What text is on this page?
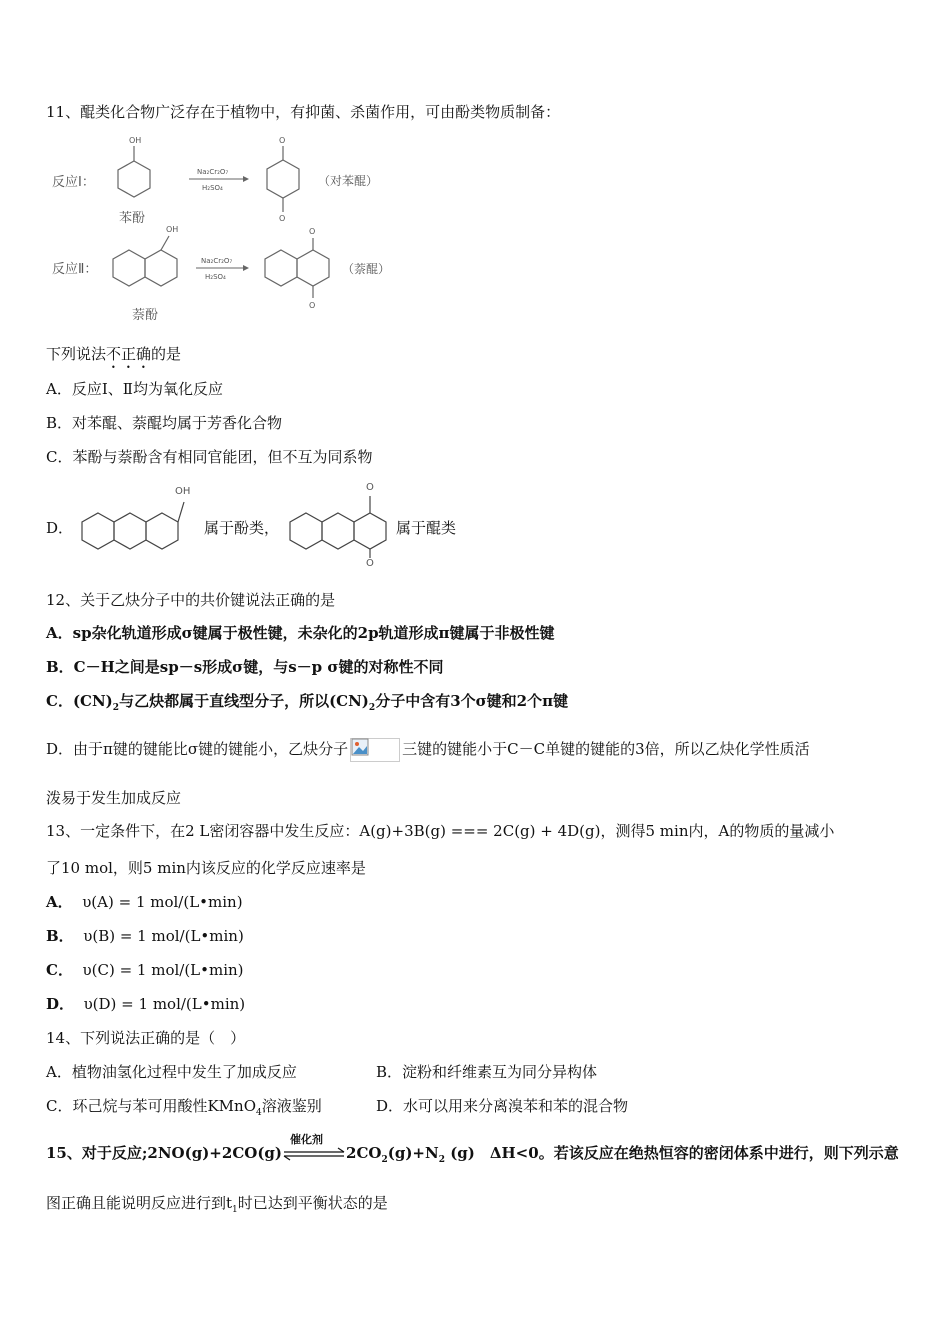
11、醌类化合物广泛存在于植物中，有抑菌、杀菌作用，可由酚类物质制备：
反应Ⅰ：
OH
苯酚
Na₂Cr₂O₇
H₂SO₄
O
O
（对苯醌）
反应Ⅱ：
OH
萘酚
Na₂Cr₂O₇
H₂SO₄
O
O
（萘醌）
下列说法不正确的是
A．反应Ⅰ、Ⅱ均为氧化反应
B．对苯醌、萘醌均属于芳香化合物
C．苯酚与萘酚含有相同官能团，但不互为同系物
D．
OH
属于酚类，
O
O
属于醌类
12、关于乙炔分子中的共价键说法正确的是
A．sp杂化轨道形成σ键属于极性键，未杂化的2p轨道形成π键属于非极性键
B．C－H之间是sp－s形成σ键，与s－p σ键的对称性不同
C．$(CN)_2$与乙炔都属于直线型分子，所以$(CN)_2$分子中含有3个σ键和2个π键
D．由于π键的键能比σ键的键能小，乙炔分子	三键的键能小于C－C单键的键能的3倍，所以乙炔化学性质活
泼易于发生加成反应
13、一定条件下，在2 L密闭容器中发生反应：A(g)+3B(g) === 2C(g) + 4D(g)，测得5 min内，A的物质的量减小
了10 mol，则5 min内该反应的化学反应速率是
A． υ(A) = 1 mol/(L•min)
B． υ(B) = 1 mol/(L•min)
C． υ(C) = 1 mol/(L•min)
D． υ(D) = 1 mol/(L•min)
14、下列说法正确的是（　）
A．植物油氢化过程中发生了加成反应	B．淀粉和纤维素互为同分异构体
C．环己烷与苯可用酸性KMnO$_4$溶液鉴别	D．水可以用来分离溴苯和苯的混合物
15、对于反应;2NO(g)+2CO(g)
催化剂
$2CO_2(g)+N_2$ (g)　ΔH<0。若该反应在绝热恒容的密闭体系中进行，则下列示意
图正确且能说明反应进行到$t_1$时已达到平衡状态的是
